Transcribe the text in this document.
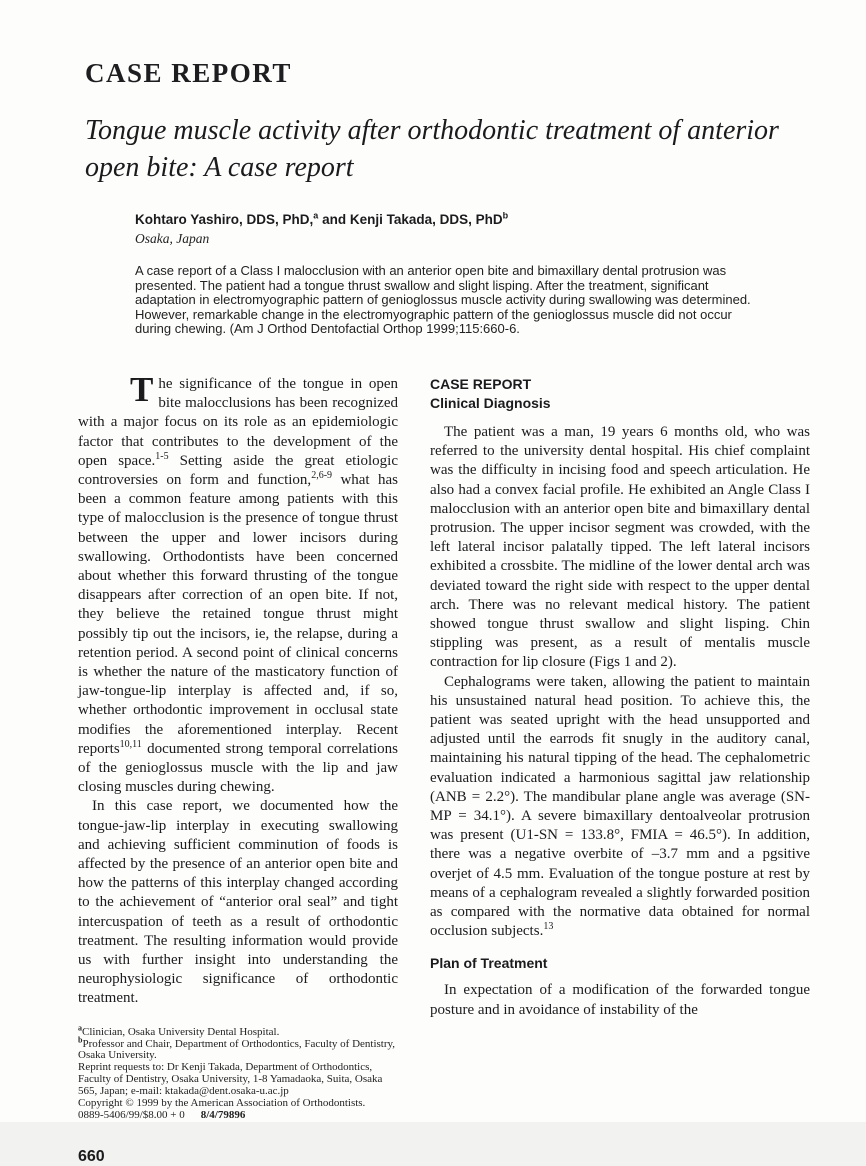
CASE REPORT
Tongue muscle activity after orthodontic treatment of anterior open bite: A case report
Kohtaro Yashiro, DDS, PhD,$^a$ and Kenji Takada, DDS, PhD$^b$
Osaka, Japan
A case report of a Class I malocclusion with an anterior open bite and bimaxillary dental protrusion was presented. The patient had a tongue thrust swallow and slight lisping. After the treatment, significant adaptation in electromyographic pattern of genioglossus muscle activity during swallowing was determined. However, remarkable change in the electromyographic pattern of the genioglossus muscle did not occur during chewing. (Am J Orthod Dentofactial Orthop 1999;115:660-6.

The significance of the tongue in open bite malocclusions has been recognized with a major focus on its role as an epidemiologic factor that contributes to the development of the open space.$^{1-5}$ Setting aside the great etiologic controversies on form and function,$^{2,6-9}$ what has been a common feature among patients with this type of malocclusion is the presence of tongue thrust between the upper and lower incisors during swallowing. Orthodontists have been concerned about whether this forward thrusting of the tongue disappears after correction of an open bite. If not, they believe the retained tongue thrust might possibly tip out the incisors, ie, the relapse, during a retention period. A second point of clinical concerns is whether the nature of the masticatory function of jaw-tongue-lip interplay is affected and, if so, whether orthodontic improvement in occlusal state modifies the aforementioned interplay. Recent reports$^{10,11}$ documented strong temporal correlations of the genioglossus muscle with the lip and jaw closing muscles during chewing.

In this case report, we documented how the tongue-jaw-lip interplay in executing swallowing and achieving sufficient comminution of foods is affected by the presence of an anterior open bite and how the patterns of this interplay changed according to the achievement of “anterior oral seal” and tight intercuspation of teeth as a result of orthodontic treatment. The resulting information would provide us with further insight into understanding the neurophysiologic significance of orthodontic treatment.

$^a$Clinician, Osaka University Dental Hospital.
$^b$Professor and Chair, Department of Orthodontics, Faculty of Dentistry, Osaka University.
Reprint requests to: Dr Kenji Takada, Department of Orthodontics, Faculty of Dentistry, Osaka University, 1-8 Yamadaoka, Suita, Osaka 565, Japan; e-mail: ktakada@dent.osaka-u.ac.jp
Copyright © 1999 by the American Association of Orthodontists.
0889-5406/99/$8.00 + 0 8/4/79896
660
CASE REPORT
Clinical Diagnosis

The patient was a man, 19 years 6 months old, who was referred to the university dental hospital. His chief complaint was the difficulty in incising food and speech articulation. He also had a convex facial profile. He exhibited an Angle Class I malocclusion with an anterior open bite and bimaxillary dental protrusion. The upper incisor segment was crowded, with the left lateral incisor palatally tipped. The left lateral incisors exhibited a crossbite. The midline of the lower dental arch was deviated toward the right side with respect to the upper dental arch. There was no relevant medical history. The patient showed tongue thrust swallow and slight lisping. Chin stippling was present, as a result of mentalis muscle contraction for lip closure (Figs 1 and 2).

Cephalograms were taken, allowing the patient to maintain his unsustained natural head position. To achieve this, the patient was seated upright with the head unsupported and adjusted until the earrods fit snugly in the auditory canal, maintaining his natural tipping of the head. The cephalometric evaluation indicated a harmonious sagittal jaw relationship (ANB = 2.2°). The mandibular plane angle was average (SN-MP = 34.1°). A severe bimaxillary dentoalveolar protrusion was present (U1-SN = 133.8°, FMIA = 46.5°). In addition, there was a negative overbite of –3.7 mm and a pgsitive overjet of 4.5 mm. Evaluation of the tongue posture at rest by means of a cephalogram revealed a slightly forwarded position as compared with the normative data obtained for normal occlusion subjects.$^{13}$

Plan of Treatment

In expectation of a modification of the forwarded tongue posture and in avoidance of instability of the
